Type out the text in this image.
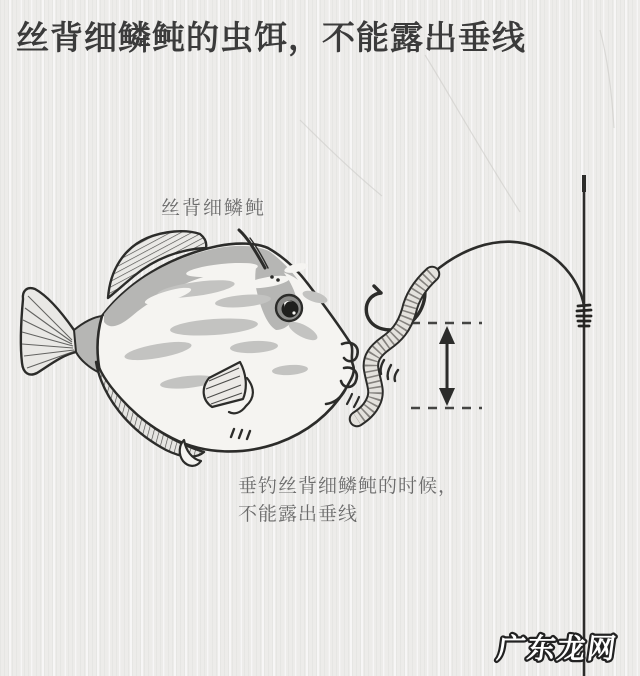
丝背细鳞鲀的虫饵，不能露出垂线
丝背细鳞鲀
广东龙网
垂钓丝背细鳞鲀的时候，
不能露出垂线
